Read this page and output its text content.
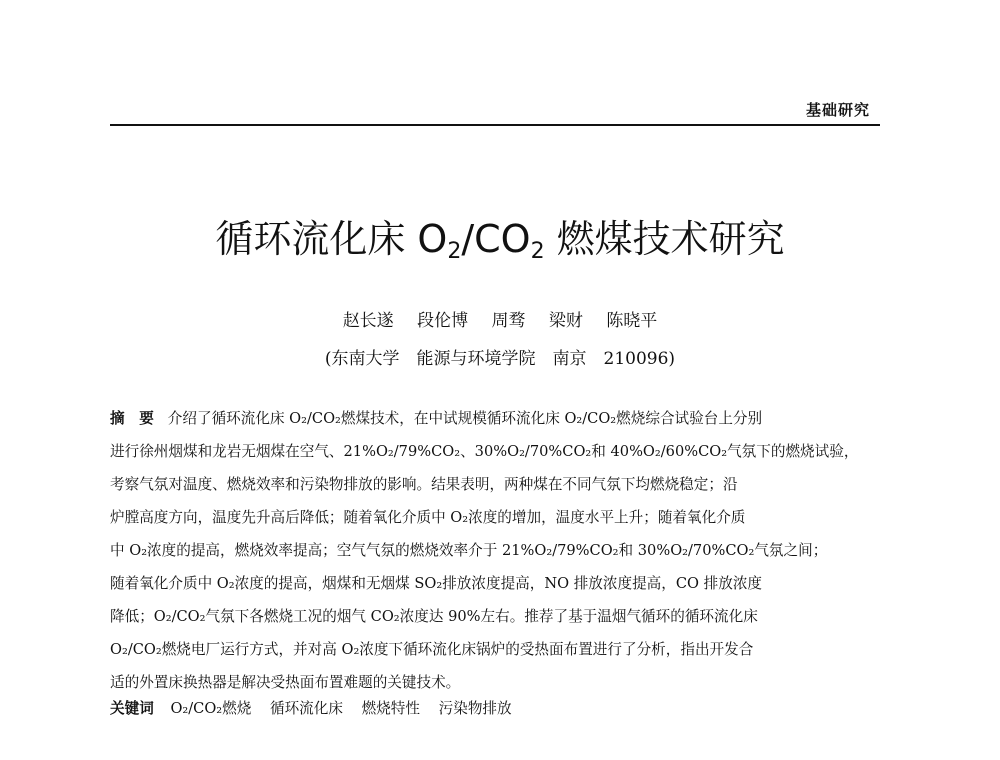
基础研究
循环流化床 $O_2/CO_2$ 燃煤技术研究
赵长遂 段伦博 周骛 梁财 陈晓平
(东南大学　能源与环境学院　南京　210096)
摘　要 介绍了循环流化床 O₂/CO₂燃煤技术，在中试规模循环流化床 O₂/CO₂燃烧综合试验台上分别
进行徐州烟煤和龙岩无烟煤在空气、21%O₂/79%CO₂、30%O₂/70%CO₂和 40%O₂/60%CO₂气氛下的燃烧试验，
考察气氛对温度、燃烧效率和污染物排放的影响。结果表明，两种煤在不同气氛下均燃烧稳定；沿
炉膛高度方向，温度先升高后降低；随着氧化介质中 O₂浓度的增加，温度水平上升；随着氧化介质
中 O₂浓度的提高，燃烧效率提高；空气气氛的燃烧效率介于 21%O₂/79%CO₂和 30%O₂/70%CO₂气氛之间；
随着氧化介质中 O₂浓度的提高，烟煤和无烟煤 SO₂排放浓度提高，NO 排放浓度提高，CO 排放浓度
降低；O₂/CO₂气氛下各燃烧工况的烟气 CO₂浓度达 90%左右。推荐了基于温烟气循环的循环流化床
O₂/CO₂燃烧电厂运行方式，并对高 O₂浓度下循环流化床锅炉的受热面布置进行了分析，指出开发合
适的外置床换热器是解决受热面布置难题的关键技术。
关键词 O₂/CO₂燃烧 循环流化床 燃烧特性 污染物排放
